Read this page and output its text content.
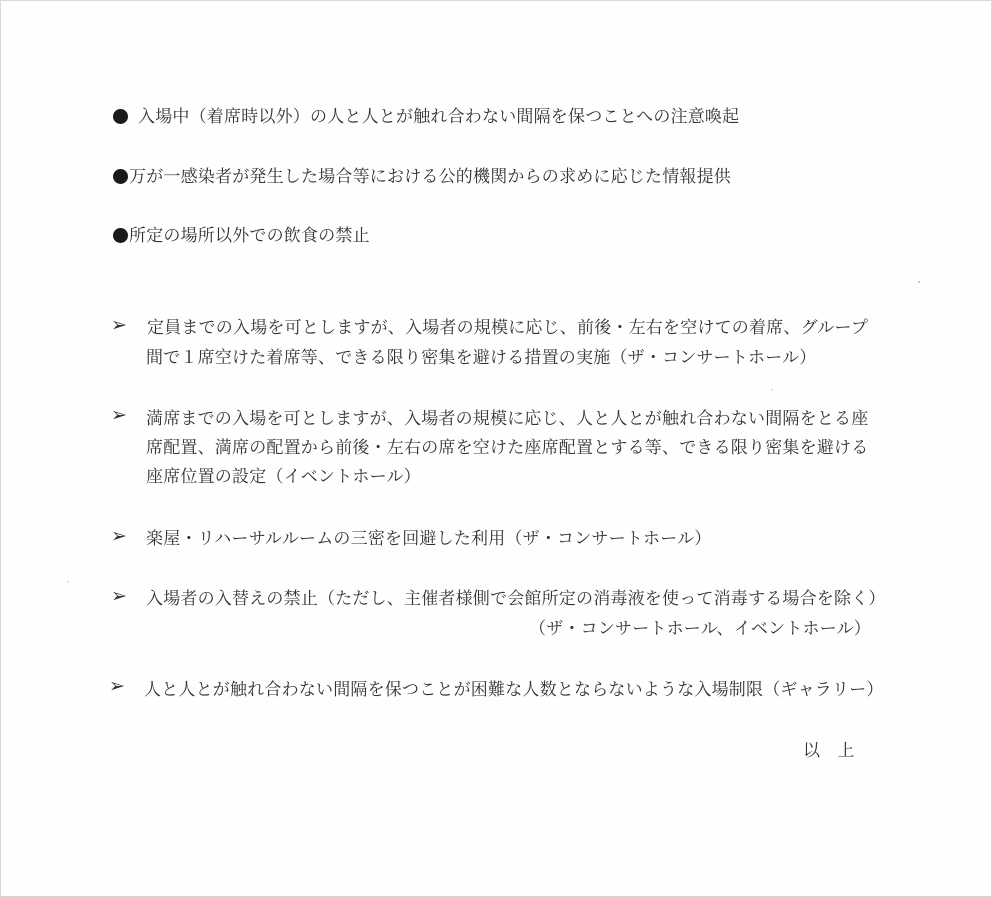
入場中（着席時以外）の人と人とが触れ合わない間隔を保つことへの注意喚起
万が一感染者が発生した場合等における公的機関からの求めに応じた情報提供
所定の場所以外での飲食の禁止
➢ 定員までの入場を可としますが、入場者の規模に応じ、前後・左右を空けての着席、グループ
間で１席空けた着席等、できる限り密集を避ける措置の実施（ザ・コンサートホール）
➢ 満席までの入場を可としますが、入場者の規模に応じ、人と人とが触れ合わない間隔をとる座
席配置、満席の配置から前後・左右の席を空けた座席配置とする等、できる限り密集を避ける
座席位置の設定（イベントホール）
➢ 楽屋・リハーサルルームの三密を回避した利用（ザ・コンサートホール）
➢ 入場者の入替えの禁止（ただし、主催者様側で会館所定の消毒液を使って消毒する場合を除く）
（ザ・コンサートホール、イベントホール）
➢ 人と人とが触れ合わない間隔を保つことが困難な人数とならないような入場制限（ギャラリー）
以　上
